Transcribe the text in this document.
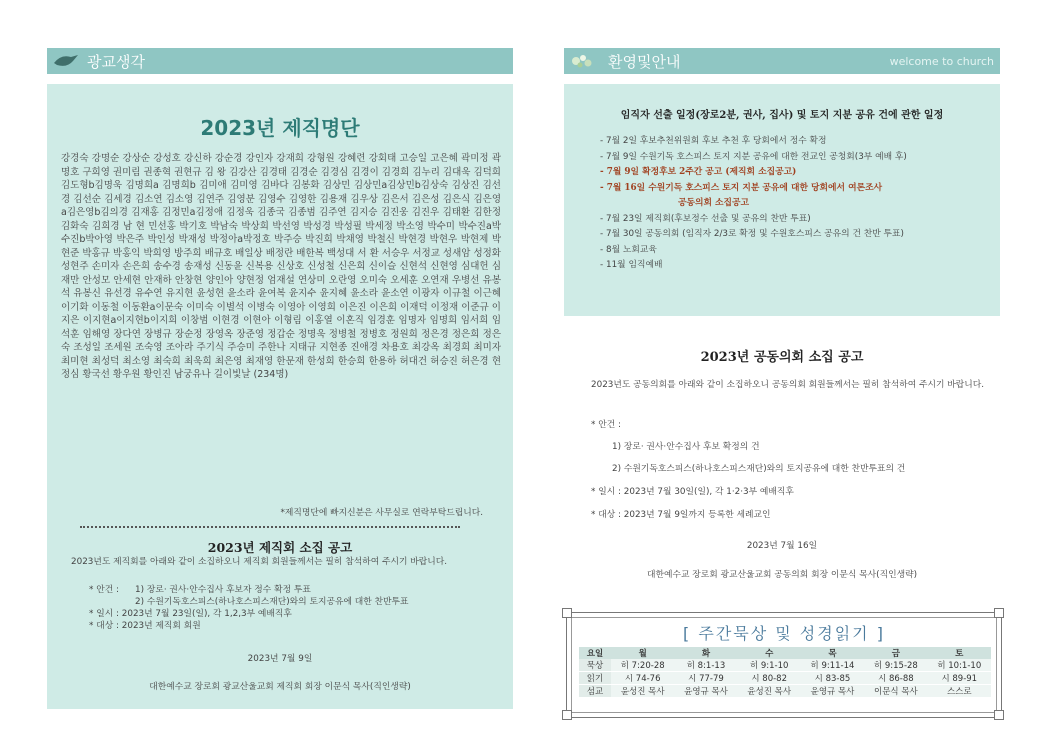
광교생각
2023년 제직명단
강경숙 강명순 강상순 강성호 강신하 강순경 강인자 강재희 강형원 강혜련 강회태 고승일 고은혜 곽미정 곽명호 구희영 권미림 권종혁 권현규 김 왕 김강산 김경태 김경순 김경심 김경이 김경희 김누리 김대욱 김덕희 김도형b김명욱 김명희a 김명희b 김미애 김미영 김바다 김봉화 김상민 김상민a김상민b김상숙 김상진 김선경 김선순 김세경 김소연 김소영 김연주 김영분 김영수 김영한 김용재 김우상 김은서 김은성 김은식 김은영a김은영b김의경 김재홍 김정민a김정애 김정욱 김종국 김종범 김주연 김지승 김진웅 김진우 김태환 김한정 김화숙 김희경 남 현 민선홍 박기호 박남숙 박상희 박선영 박성경 박성필 박세정 박소영 박수미 박수진a박수진b박아영 박은주 박인성 박재성 박정아a박정호 박주승 박진희 박채영 박철신 박현경 박현우 박현제 박현준 박홍규 박홍익 박희영 방주희 배규호 배일상 배정란 배한복 백성대 서 환 서승우 서정교 성새암 성정화 성현주 손미자 손은희 송수경 송재성 신동윤 신복용 신상호 신성철 신은희 신이슬 신현석 신현영 심대헌 심재만 안성모 안세현 안재하 안창현 양인아 양현정 엄재설 연상미 오란영 오미숙 오세훈 오연재 우병선 유봉석 유봉신 유선경 유수연 유지현 윤성현 윤소라 윤여복 윤지수 윤지혜 윤소라 윤소연 이광자 이규철 이근혜 이기화 이동철 이동환a이문숙 이미숙 이별석 이병숙 이영아 이영희 이은진 이은희 이재덕 이정재 이준규 이지은 이지현a이지현b이지희 이창범 이현경 이현아 이형림 이홍열 이혼직 임경훈 임명자 임명희 임서희 임석훈 임해영 장다연 장병규 장순정 장영옥 장준영 정갑순 정명욱 정병철 정병호 정원희 정은경 정은희 정은숙 조성일 조세원 조숙영 조아라 주기식 주승미 주한나 지태규 지현종 진애경 차용호 최강옥 최경희 최미자 최미현 최성덕 최소영 최숙희 최욱희 최은영 최재영 한문재 한성희 한승희 한용하 허대건 허승진 허은경 현정심 황국선 황우원 황인진 남궁유나 길이빛날 (234명)
*제직명단에 빠지신분은 사무실로 연락부탁드립니다.
2023년 제직회 소집 공고
2023년도 제직회를 아래와 같이 소집하오니 제직회 회원들께서는 필히 참석하여 주시기 바랍니다.
* 안건 : 1) 장로· 권사·안수집사 후보자 정수 확정 투표
2) 수원기독호스피스(하나호스피스재단)와의 토지공유에 대한 찬반투표
* 일시 : 2023년 7월 23일(일), 각 1,2,3부 예배직후
* 대상 : 2023년 제직회 회원
2023년 7월 9일
대한예수교 장로회 광교산울교회 제직회 회장 이문식 목사(직인생략)
환영및안내	welcome to church
임직자 선출 일정(장로2분, 권사, 집사) 및 토지 지분 공유 건에 관한 일정
- 7월 2일 후보추천위원회 후보 추천 후 당회에서 정수 확정
- 7월 9일 수원기독 호스피스 토지 지분 공유에 대한 전교인 공청회(3부 예배 후)
- 7월 9일 확정후보 2주간 공고 (제직회 소집공고)
- 7월 16일 수원기독 호스피스 토지 지분 공유에 대한 당회에서 여론조사
공동의회 소집공고
- 7월 23일 제직회(후보정수 선출 및 공유의 찬반 투표)
- 7월 30일 공동의회 (임직자 2/3로 확정 및 수원호스피스 공유의 건 찬반 투표)
- 8월 노회교육
- 11월 임직예배
2023년 공동의회 소집 공고
2023년도 공동의회를 아래와 같이 소집하오니 공동의회 회원들께서는 필히 참석하여 주시기 바랍니다.
* 안건 :
1) 장로· 권사·안수집사 후보 확정의 건
2) 수원기독호스피스(하나호스피스재단)와의 토지공유에 대한 찬반투표의 건
* 일시 : 2023년 7월 30일(일), 각 1·2·3부 예배직후
* 대상 : 2023년 7월 9일까지 등록한 세례교인
2023년 7월 16일
대한예수교 장로회 광교산울교회 공동의회 회장 이문식 목사(직인생략)
[ 주간묵상 및 성경읽기 ]
요일	월	화	수	목	금	토
묵상	히 7:20-28	히 8:1-13	히 9:1-10	히 9:11-14	히 9:15-28	히 10:1-10
읽기	시 74-76	시 77-79	시 80-82	시 83-85	시 86-88	시 89-91
섬교	윤성진 목사	윤영규 목사	윤성진 목사	윤영규 목사	이문식 목사	스스로
